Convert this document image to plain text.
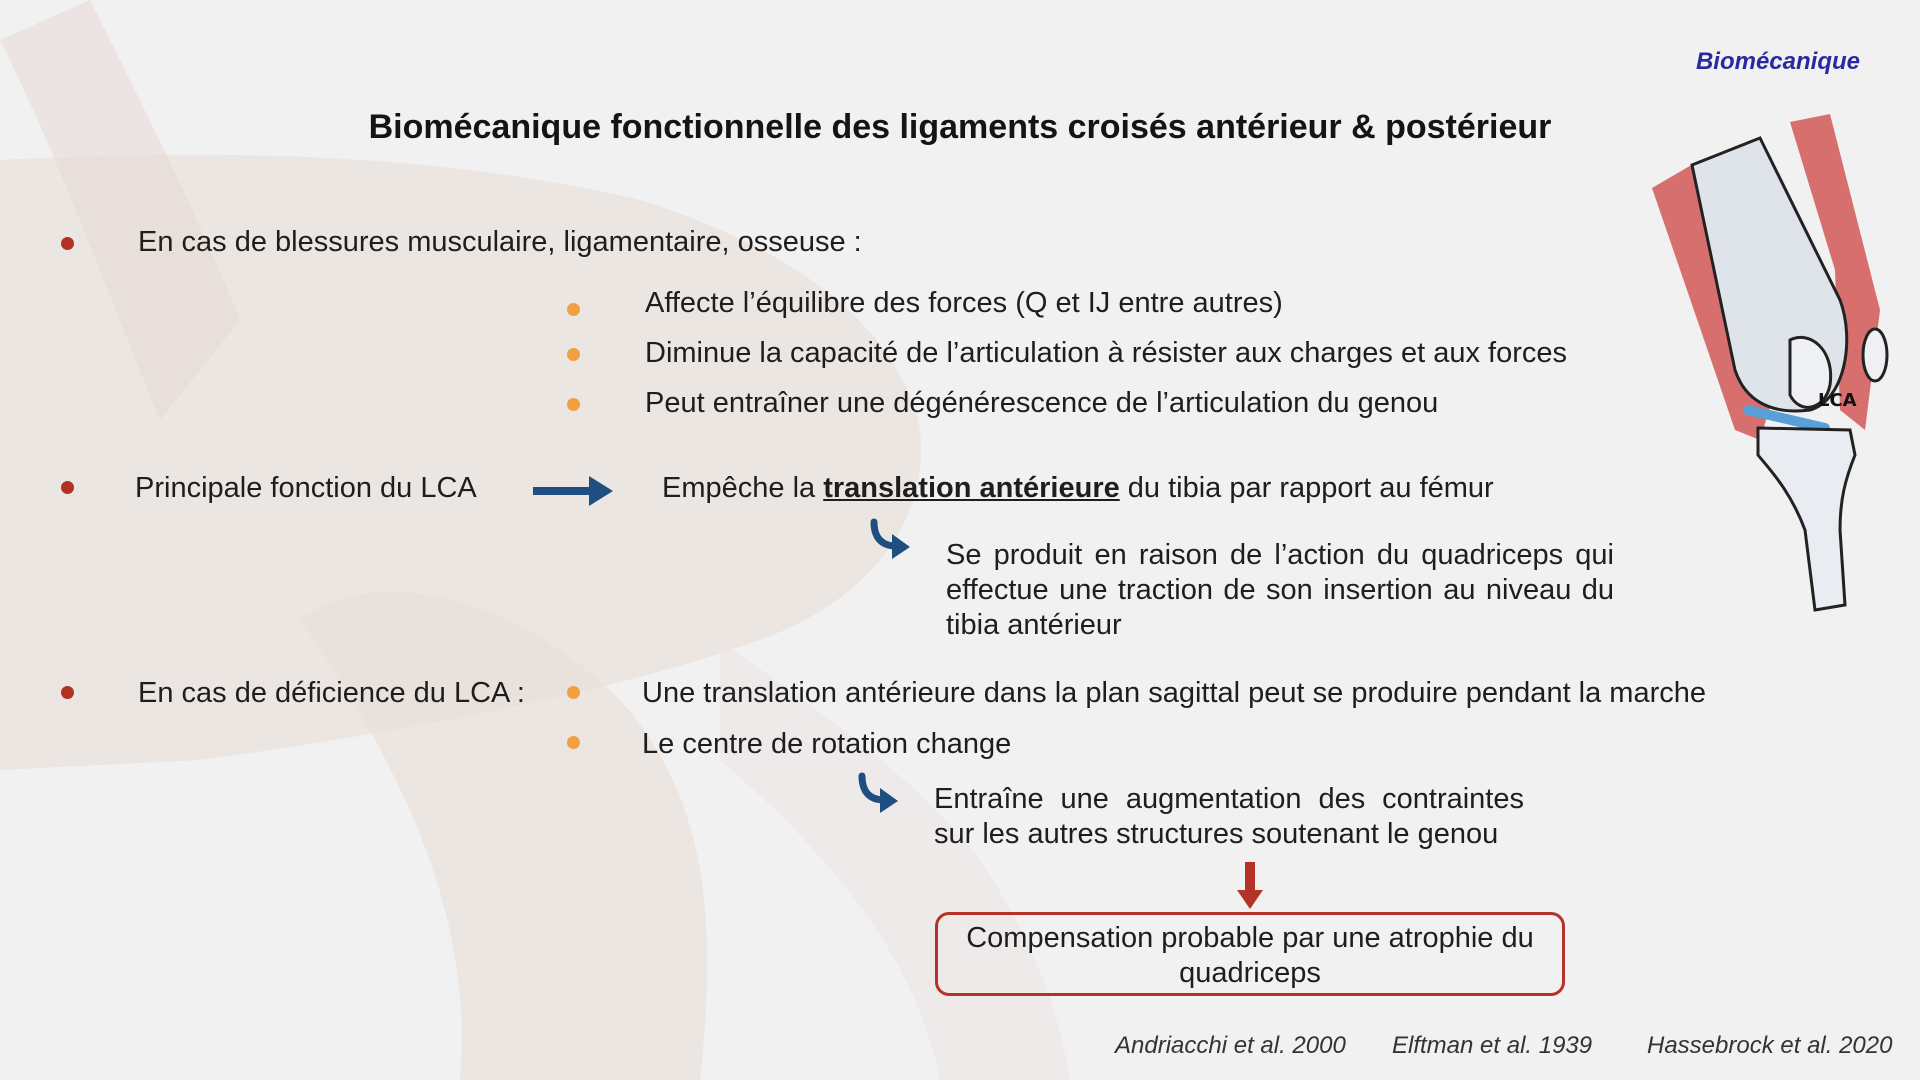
Biomécanique
Biomécanique fonctionnelle des ligaments croisés antérieur & postérieur
LCA
En cas de blessures musculaire, ligamentaire, osseuse :
Affecte l’équilibre des forces (Q et IJ entre autres)
Diminue la capacité de l’articulation à résister aux charges et aux forces
Peut entraîner une dégénérescence de l’articulation du genou
Principale fonction du LCA	Empêche la translation antérieure du tibia par rapport au fémur
Se produit en raison de l’action du quadriceps qui effectue une traction de son insertion au niveau du tibia antérieur
En cas de déficience du LCA :	Une translation antérieure dans la plan sagittal peut se produire pendant la marche
Le centre de rotation change
Entraîne une augmentation des contraintes sur les autres structures soutenant le genou
Compensation probable par une atrophie du quadriceps
Andriacchi et al. 2000 Elftman et al. 1939 Hassebrock et al. 2020
